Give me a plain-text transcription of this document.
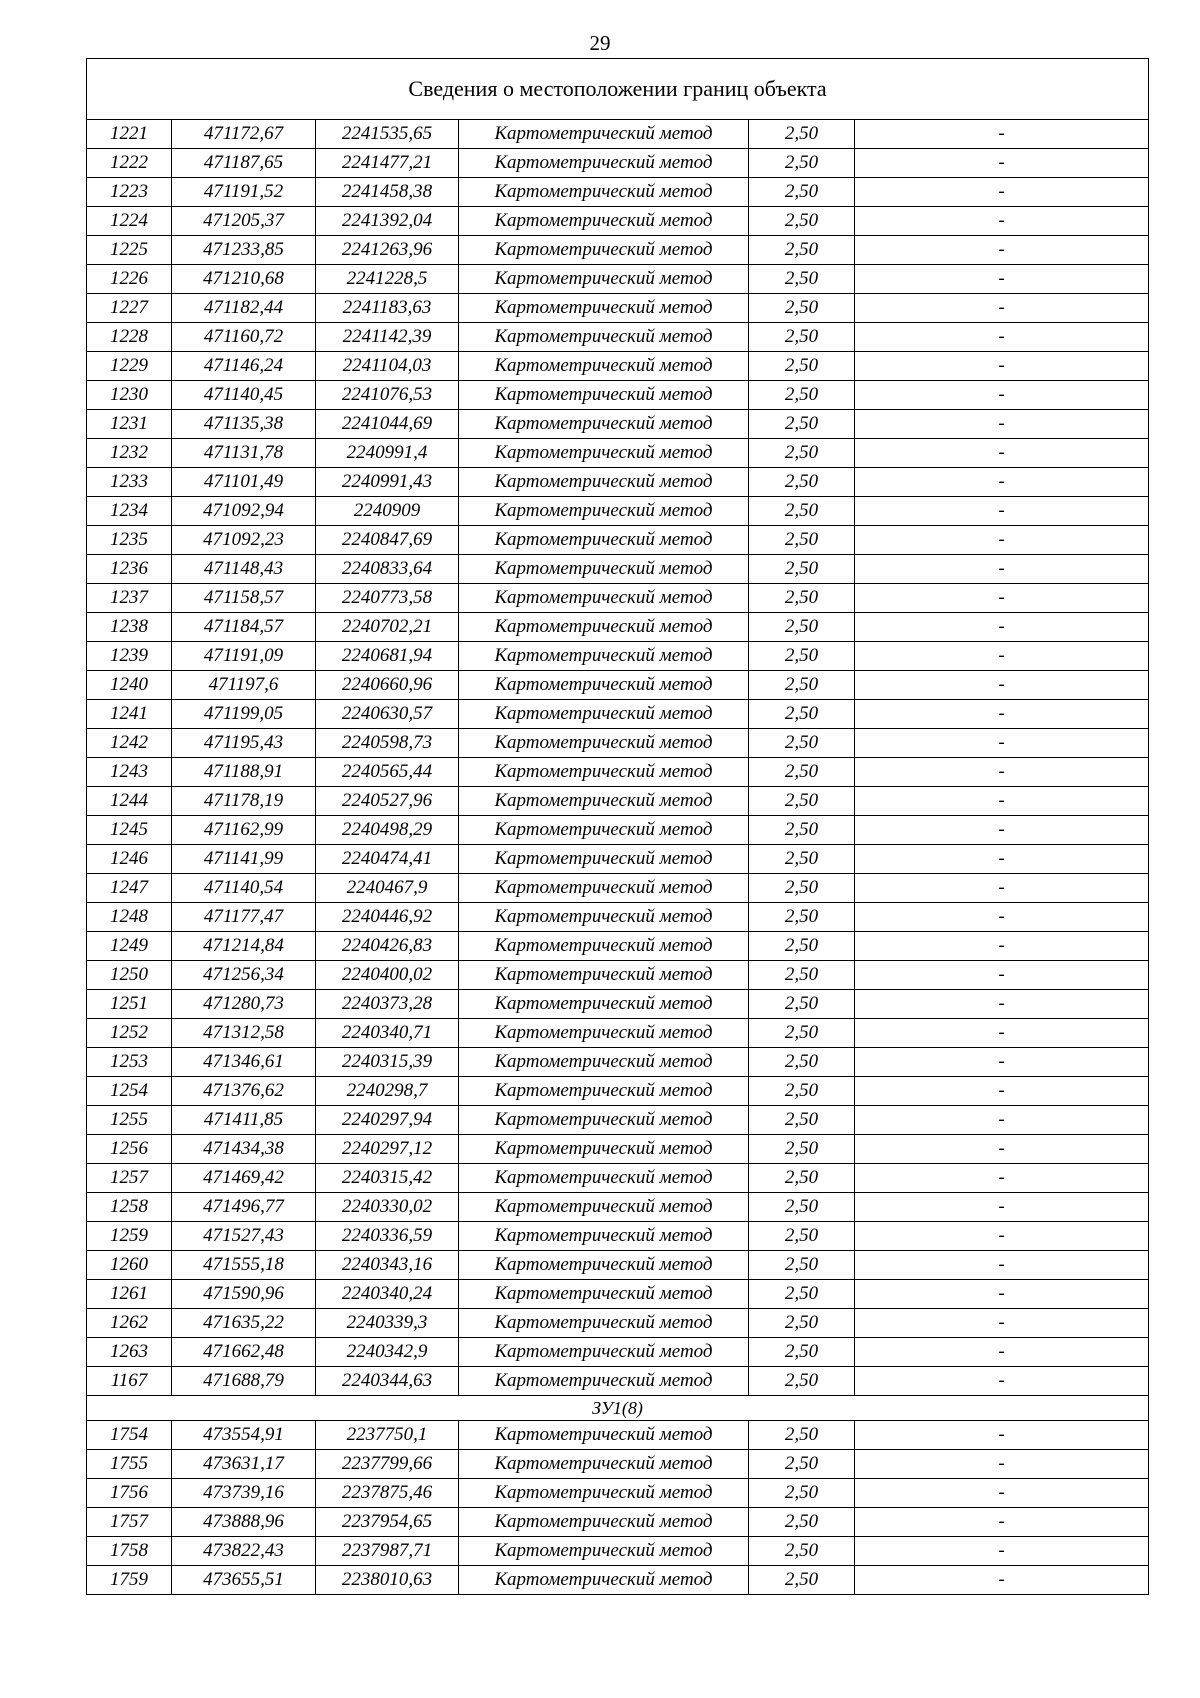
29
Сведения о местоположении границ объекта					
1221	471172,67	2241535,65	Картометрический метод	2,50	-
1222	471187,65	2241477,21	Картометрический метод	2,50	-
1223	471191,52	2241458,38	Картометрический метод	2,50	-
1224	471205,37	2241392,04	Картометрический метод	2,50	-
1225	471233,85	2241263,96	Картометрический метод	2,50	-
1226	471210,68	2241228,5	Картометрический метод	2,50	-
1227	471182,44	2241183,63	Картометрический метод	2,50	-
1228	471160,72	2241142,39	Картометрический метод	2,50	-
1229	471146,24	2241104,03	Картометрический метод	2,50	-
1230	471140,45	2241076,53	Картометрический метод	2,50	-
1231	471135,38	2241044,69	Картометрический метод	2,50	-
1232	471131,78	2240991,4	Картометрический метод	2,50	-
1233	471101,49	2240991,43	Картометрический метод	2,50	-
1234	471092,94	2240909	Картометрический метод	2,50	-
1235	471092,23	2240847,69	Картометрический метод	2,50	-
1236	471148,43	2240833,64	Картометрический метод	2,50	-
1237	471158,57	2240773,58	Картометрический метод	2,50	-
1238	471184,57	2240702,21	Картометрический метод	2,50	-
1239	471191,09	2240681,94	Картометрический метод	2,50	-
1240	471197,6	2240660,96	Картометрический метод	2,50	-
1241	471199,05	2240630,57	Картометрический метод	2,50	-
1242	471195,43	2240598,73	Картометрический метод	2,50	-
1243	471188,91	2240565,44	Картометрический метод	2,50	-
1244	471178,19	2240527,96	Картометрический метод	2,50	-
1245	471162,99	2240498,29	Картометрический метод	2,50	-
1246	471141,99	2240474,41	Картометрический метод	2,50	-
1247	471140,54	2240467,9	Картометрический метод	2,50	-
1248	471177,47	2240446,92	Картометрический метод	2,50	-
1249	471214,84	2240426,83	Картометрический метод	2,50	-
1250	471256,34	2240400,02	Картометрический метод	2,50	-
1251	471280,73	2240373,28	Картометрический метод	2,50	-
1252	471312,58	2240340,71	Картометрический метод	2,50	-
1253	471346,61	2240315,39	Картометрический метод	2,50	-
1254	471376,62	2240298,7	Картометрический метод	2,50	-
1255	471411,85	2240297,94	Картометрический метод	2,50	-
1256	471434,38	2240297,12	Картометрический метод	2,50	-
1257	471469,42	2240315,42	Картометрический метод	2,50	-
1258	471496,77	2240330,02	Картометрический метод	2,50	-
1259	471527,43	2240336,59	Картометрический метод	2,50	-
1260	471555,18	2240343,16	Картометрический метод	2,50	-
1261	471590,96	2240340,24	Картометрический метод	2,50	-
1262	471635,22	2240339,3	Картометрический метод	2,50	-
1263	471662,48	2240342,9	Картометрический метод	2,50	-
1167	471688,79	2240344,63	Картометрический метод	2,50	-
ЗУ1(8)					
1754	473554,91	2237750,1	Картометрический метод	2,50	-
1755	473631,17	2237799,66	Картометрический метод	2,50	-
1756	473739,16	2237875,46	Картометрический метод	2,50	-
1757	473888,96	2237954,65	Картометрический метод	2,50	-
1758	473822,43	2237987,71	Картометрический метод	2,50	-
1759	473655,51	2238010,63	Картометрический метод	2,50	-
